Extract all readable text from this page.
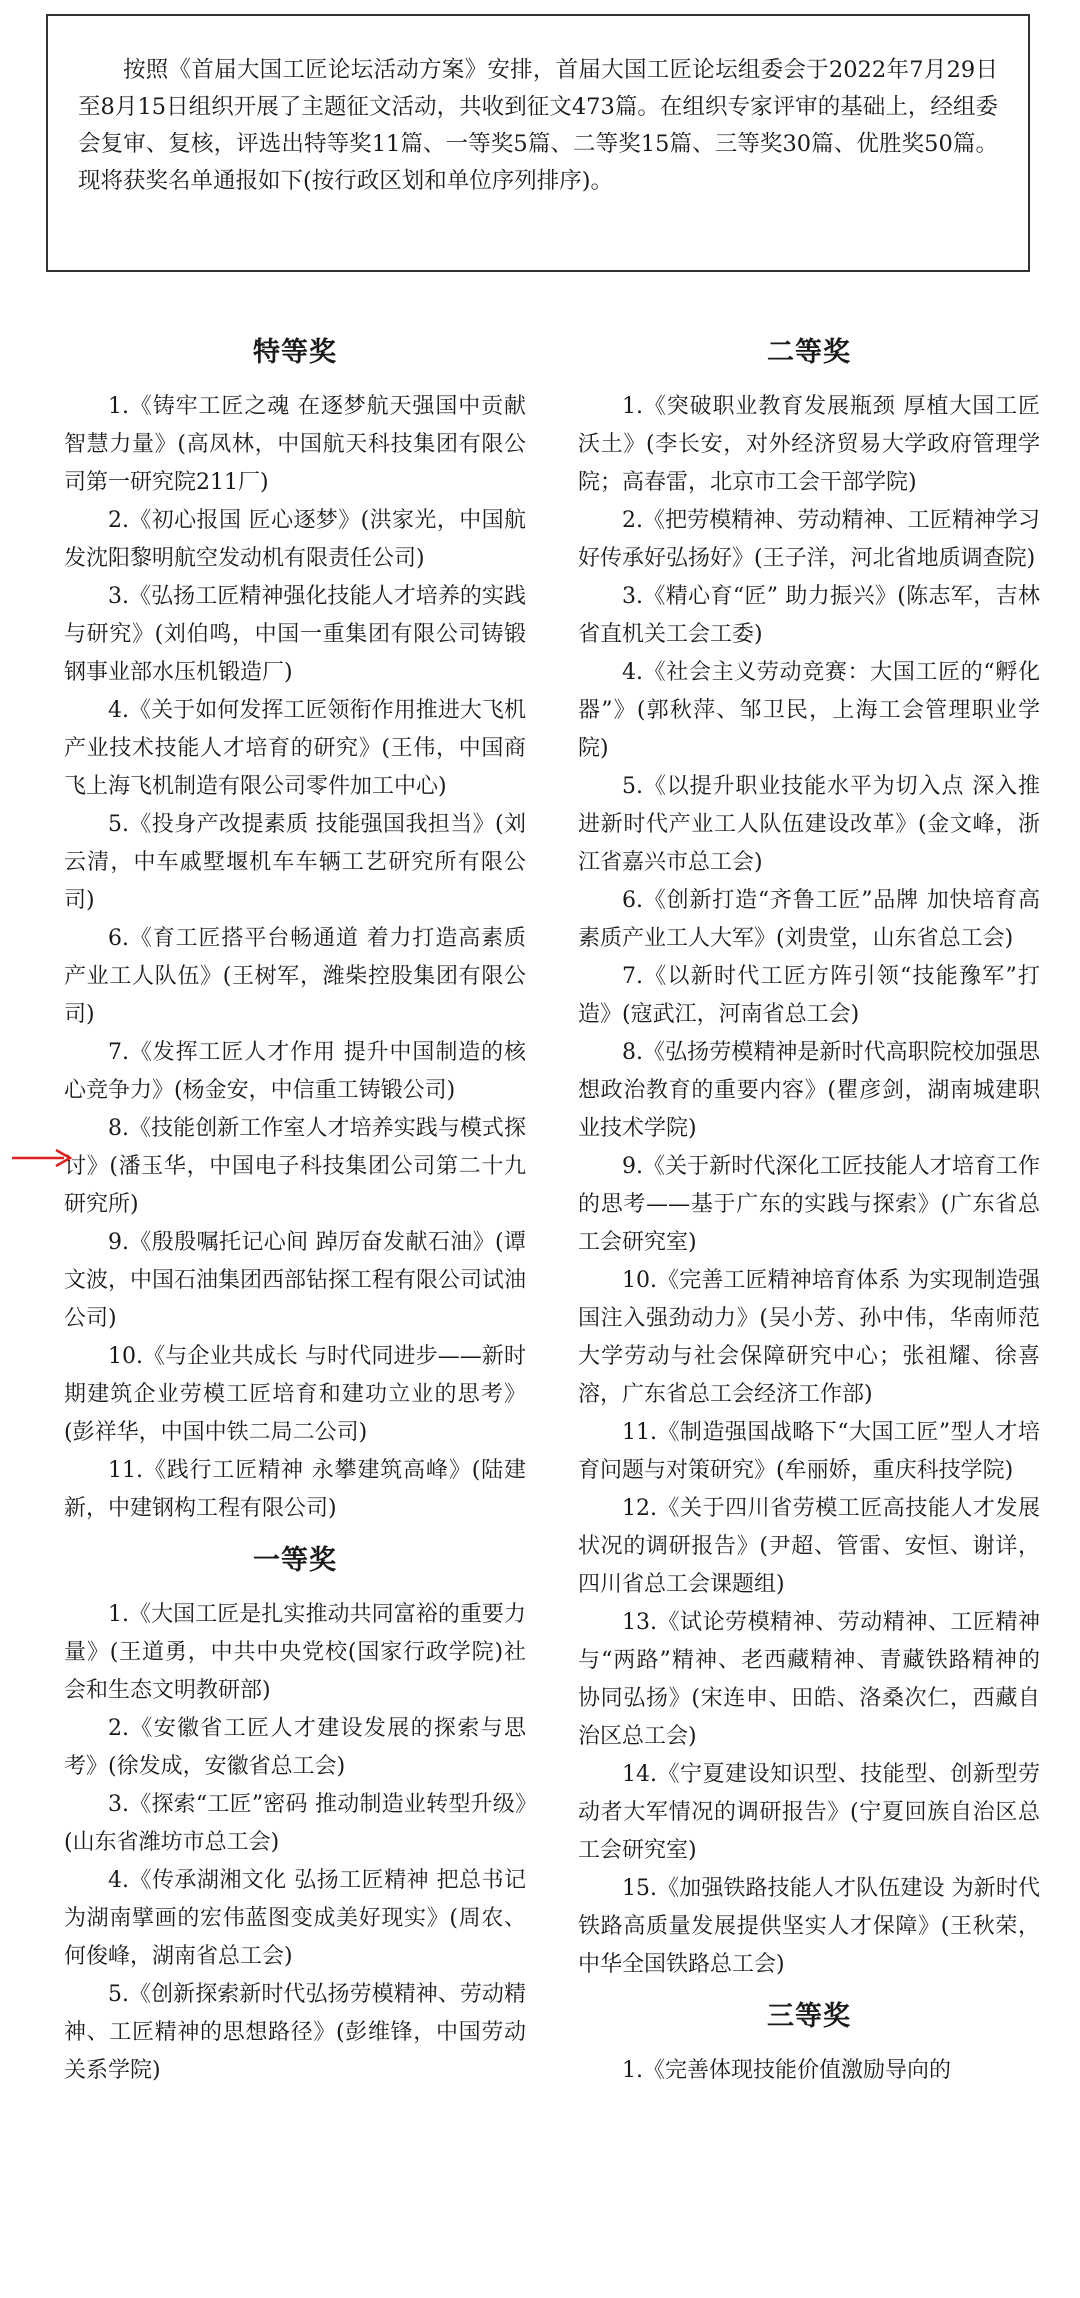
按照《首届大国工匠论坛活动方案》安排，首届大国工匠论坛组委会于2022年7月29日至8月15日组织开展了主题征文活动，共收到征文473篇。在组织专家评审的基础上，经组委会复审、复核，评选出特等奖11篇、一等奖5篇、二等奖15篇、三等奖30篇、优胜奖50篇。现将获奖名单通报如下(按行政区划和单位序列排序)。

特等奖

1.《铸牢工匠之魂 在逐梦航天强国中贡献智慧力量》(高凤林，中国航天科技集团有限公司第一研究院211厂)

2.《初心报国 匠心逐梦》(洪家光，中国航发沈阳黎明航空发动机有限责任公司)

3.《弘扬工匠精神强化技能人才培养的实践与研究》(刘伯鸣，中国一重集团有限公司铸锻钢事业部水压机锻造厂)

4.《关于如何发挥工匠领衔作用推进大飞机产业技术技能人才培育的研究》(王伟，中国商飞上海飞机制造有限公司零件加工中心)

5.《投身产改提素质 技能强国我担当》(刘云清，中车戚墅堰机车车辆工艺研究所有限公司)

6.《育工匠搭平台畅通道 着力打造高素质产业工人队伍》(王树军，潍柴控股集团有限公司)

7.《发挥工匠人才作用 提升中国制造的核心竞争力》(杨金安，中信重工铸锻公司)

8.《技能创新工作室人才培养实践与模式探讨》(潘玉华，中国电子科技集团公司第二十九研究所)

9.《殷殷嘱托记心间 踔厉奋发献石油》(谭文波，中国石油集团西部钻探工程有限公司试油公司)

10.《与企业共成长 与时代同进步——新时期建筑企业劳模工匠培育和建功立业的思考》(彭祥华，中国中铁二局二公司)

11.《践行工匠精神 永攀建筑高峰》(陆建新，中建钢构工程有限公司)

一等奖

1.《大国工匠是扎实推动共同富裕的重要力量》(王道勇，中共中央党校(国家行政学院)社会和生态文明教研部)

2.《安徽省工匠人才建设发展的探索与思考》(徐发成，安徽省总工会)

3.《探索“工匠”密码 推动制造业转型升级》(山东省潍坊市总工会)

4.《传承湖湘文化 弘扬工匠精神 把总书记为湖南擘画的宏伟蓝图变成美好现实》(周农、何俊峰，湖南省总工会)

5.《创新探索新时代弘扬劳模精神、劳动精神、工匠精神的思想路径》(彭维锋，中国劳动关系学院)

二等奖

1.《突破职业教育发展瓶颈 厚植大国工匠沃土》(李长安，对外经济贸易大学政府管理学院；高春雷，北京市工会干部学院)

2.《把劳模精神、劳动精神、工匠精神学习好传承好弘扬好》(王子洋，河北省地质调查院)

3.《精心育“匠” 助力振兴》(陈志军，吉林省直机关工会工委)

4.《社会主义劳动竞赛：大国工匠的“孵化器”》(郭秋萍、邹卫民，上海工会管理职业学院)

5.《以提升职业技能水平为切入点 深入推进新时代产业工人队伍建设改革》(金文峰，浙江省嘉兴市总工会)

6.《创新打造“齐鲁工匠”品牌 加快培育高素质产业工人大军》(刘贵堂，山东省总工会)

7.《以新时代工匠方阵引领“技能豫军”打造》(寇武江，河南省总工会)

8.《弘扬劳模精神是新时代高职院校加强思想政治教育的重要内容》(瞿彦剑，湖南城建职业技术学院)

9.《关于新时代深化工匠技能人才培育工作的思考——基于广东的实践与探索》(广东省总工会研究室)

10.《完善工匠精神培育体系 为实现制造强国注入强劲动力》(吴小芳、孙中伟，华南师范大学劳动与社会保障研究中心；张祖耀、徐喜溶，广东省总工会经济工作部)

11.《制造强国战略下“大国工匠”型人才培育问题与对策研究》(牟丽娇，重庆科技学院)

12.《关于四川省劳模工匠高技能人才发展状况的调研报告》(尹超、管雷、安恒、谢详，四川省总工会课题组)

13.《试论劳模精神、劳动精神、工匠精神与“两路”精神、老西藏精神、青藏铁路精神的协同弘扬》(宋连申、田皓、洛桑次仁，西藏自治区总工会)

14.《宁夏建设知识型、技能型、创新型劳动者大军情况的调研报告》(宁夏回族自治区总工会研究室)

15.《加强铁路技能人才队伍建设 为新时代铁路高质量发展提供坚实人才保障》(王秋荣，中华全国铁路总工会)

三等奖

1.《完善体现技能价值激励导向的
